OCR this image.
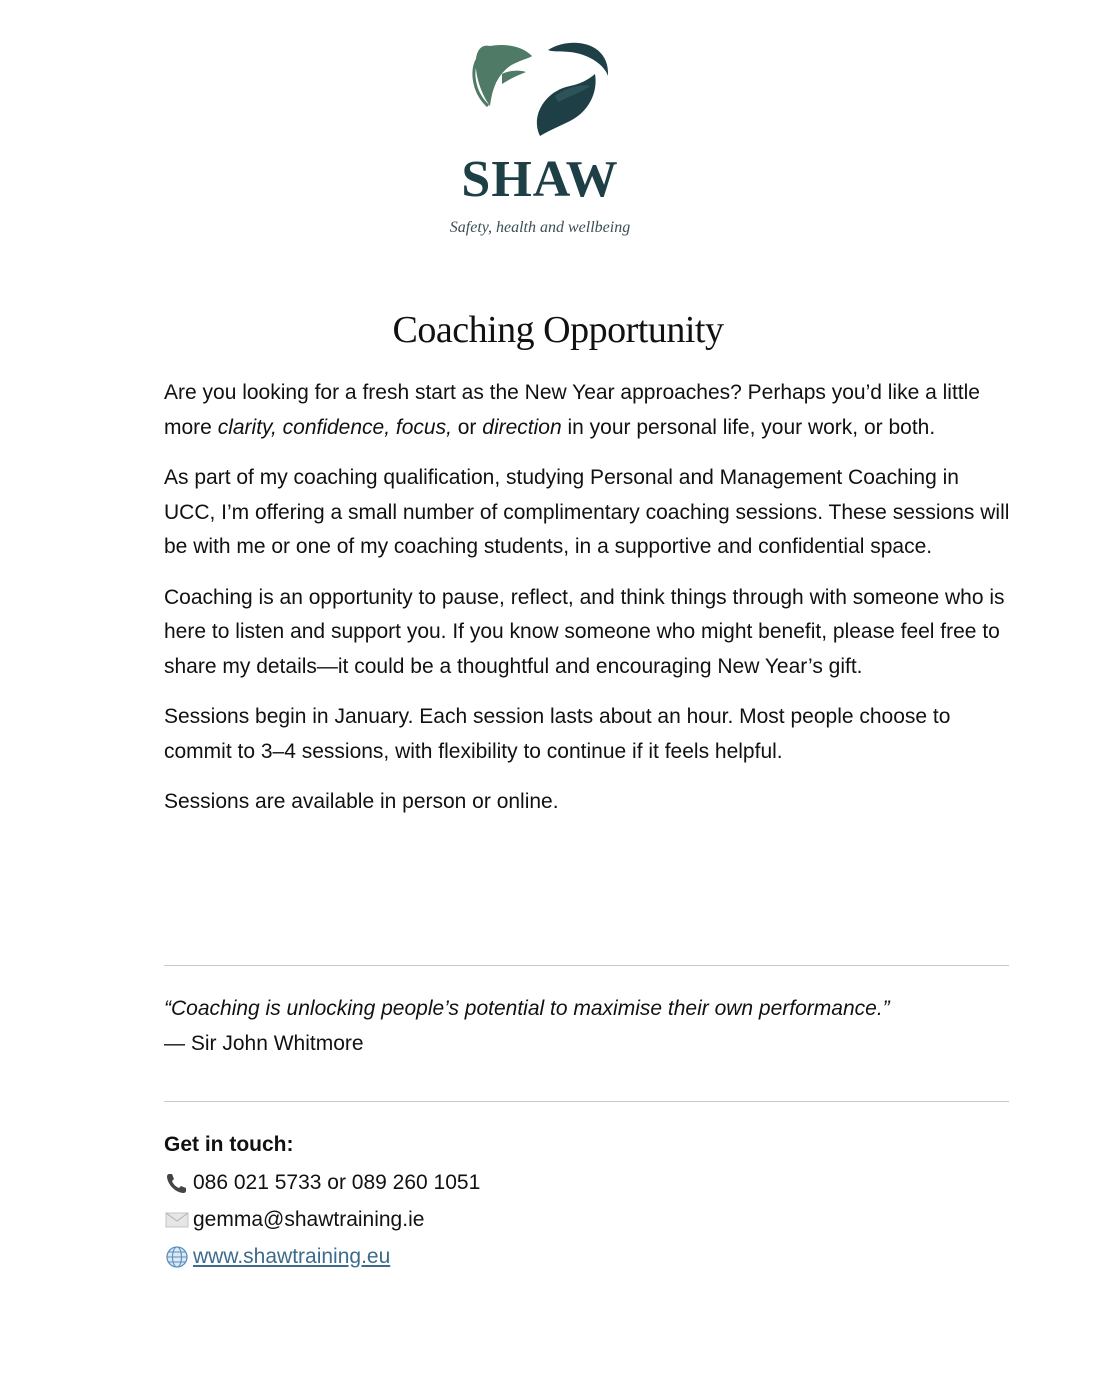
SHAW
Safety, health and wellbeing
Coaching Opportunity

Are you looking for a fresh start as the New Year approaches? Perhaps you’d like a little more clarity, confidence, focus, or direction in your personal life, your work, or both.

As part of my coaching qualification, studying Personal and Management Coaching in UCC, I’m offering a small number of complimentary coaching sessions. These sessions will be with me or one of my coaching students, in a supportive and confidential space.

Coaching is an opportunity to pause, reflect, and think things through with someone who is here to listen and support you. If you know someone who might benefit, please feel free to share my details—it could be a thoughtful and encouraging New Year’s gift.

Sessions begin in January. Each session lasts about an hour. Most people choose to commit to 3–4 sessions, with flexibility to continue if it feels helpful.

Sessions are available in person or online.

“Coaching is unlocking people’s potential to maximise their own performance.”
— Sir John Whitmore
Get in touch:
086 021 5733 or 089 260 1051
gemma@shawtraining.ie
www.shawtraining.eu
